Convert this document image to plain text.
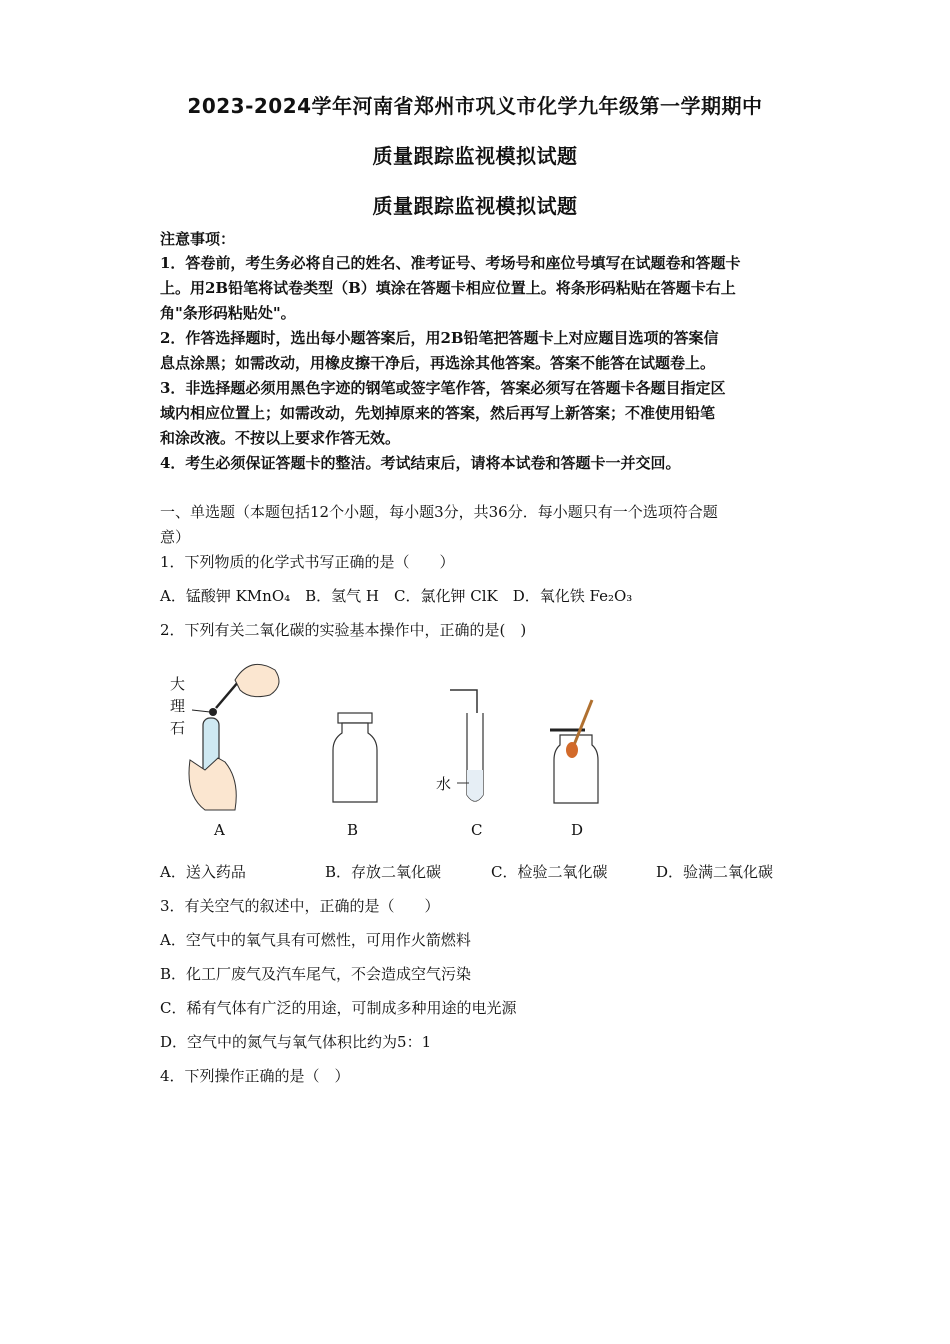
2023-2024学年河南省郑州市巩义市化学九年级第一学期期中
质量跟踪监视模拟试题
质量跟踪监视模拟试题
注意事项：
1．答卷前，考生务必将自己的姓名、准考证号、考场号和座位号填写在试题卷和答题卡
上。用2B铅笔将试卷类型（B）填涂在答题卡相应位置上。将条形码粘贴在答题卡右上
角"条形码粘贴处"。
2．作答选择题时，选出每小题答案后，用2B铅笔把答题卡上对应题目选项的答案信
息点涂黑；如需改动，用橡皮擦干净后，再选涂其他答案。答案不能答在试题卷上。
3．非选择题必须用黑色字迹的钢笔或签字笔作答，答案必须写在答题卡各题目指定区
域内相应位置上；如需改动，先划掉原来的答案，然后再写上新答案；不准使用铅笔
和涂改液。不按以上要求作答无效。
4．考生必须保证答题卡的整洁。考试结束后，请将本试卷和答题卡一并交回。
一、单选题（本题包括12个小题，每小题3分，共36分．每小题只有一个选项符合题
意）
1．下列物质的化学式书写正确的是（　　）
A．锰酸钾 KMnO₄　B．氢气 H　C．氯化钾 ClK　D．氧化铁 Fe₂O₃
2．下列有关二氧化碳的实验基本操作中，正确的是(　)
大
理
石
A	B
水
C	D
A．送入药品	B．存放二氧化碳	C．检验二氧化碳	D．验满二氧化碳
3．有关空气的叙述中，正确的是（　　）
A．空气中的氧气具有可燃性，可用作火箭燃料
B．化工厂废气及汽车尾气，不会造成空气污染
C．稀有气体有广泛的用途，可制成多种用途的电光源
D．空气中的氮气与氧气体积比约为5：1
4．下列操作正确的是（　）
